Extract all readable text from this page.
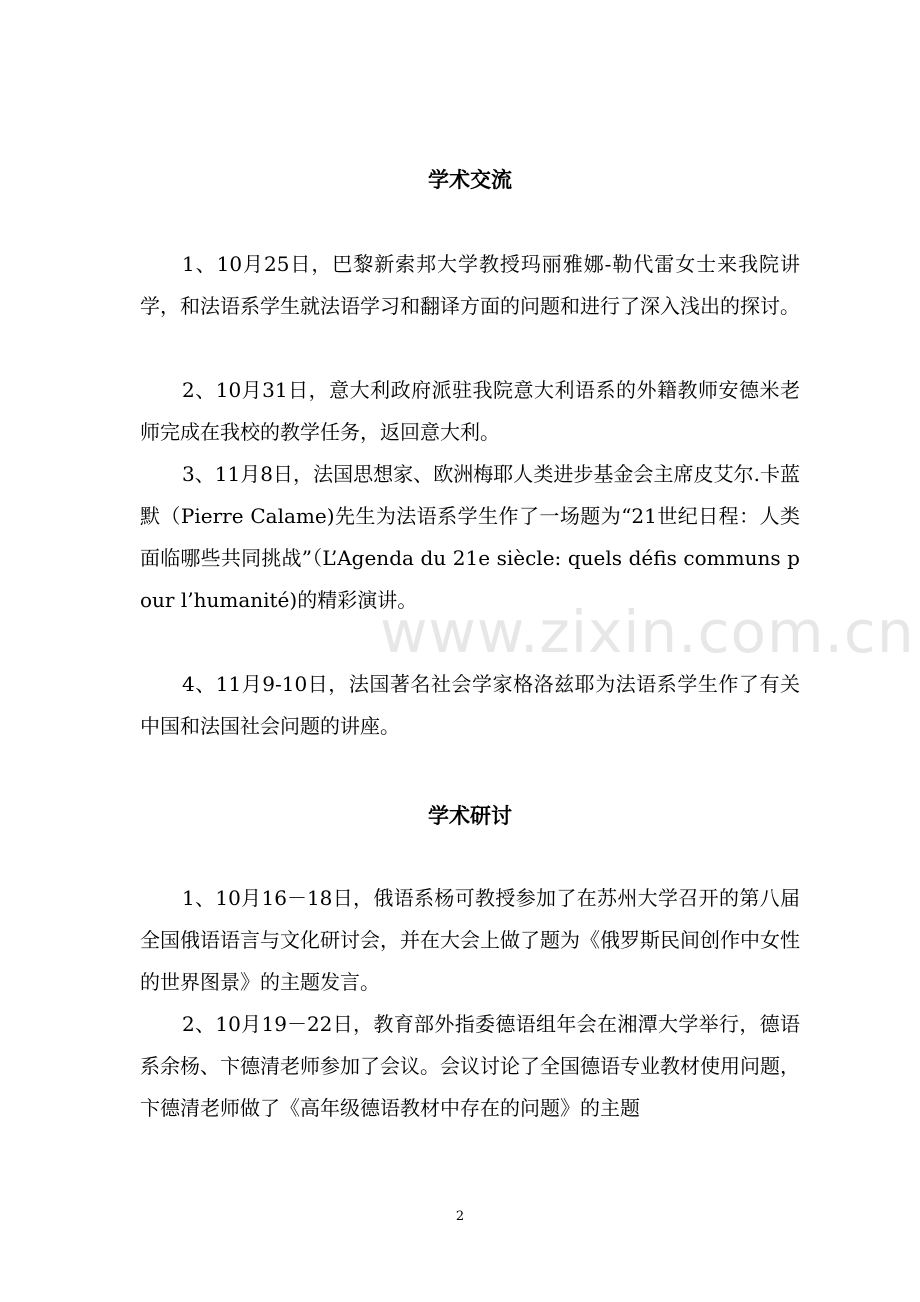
学术交流

1、10月25日，巴黎新索邦大学教授玛丽雅娜-勒代雷女士来我院讲学，和法语系学生就法语学习和翻译方面的问题和进行了深入浅出的探讨。

2、10月31日，意大利政府派驻我院意大利语系的外籍教师安德米老师完成在我校的教学任务，返回意大利。

3、11月8日，法国思想家、欧洲梅耶人类进步基金会主席皮艾尔.卡蓝默（Pierre Calame)先生为法语系学生作了一场题为“21世纪日程：人类面临哪些共同挑战”（L’Agenda du 21e siècle: quels défis communs pour l’humanité)的精彩演讲。

4、11月9-10日，法国著名社会学家格洛兹耶为法语系学生作了有关中国和法国社会问题的讲座。

学术研讨

1、10月16－18日，俄语系杨可教授参加了在苏州大学召开的第八届全国俄语语言与文化研讨会，并在大会上做了题为《俄罗斯民间创作中女性的世界图景》的主题发言。

2、10月19－22日，教育部外指委德语组年会在湘潭大学举行，德语系余杨、卞德清老师参加了会议。会议讨论了全国德语专业教材使用问题，卞德清老师做了《高年级德语教材中存在的问题》的主题

www.zixin.com.cn
2
